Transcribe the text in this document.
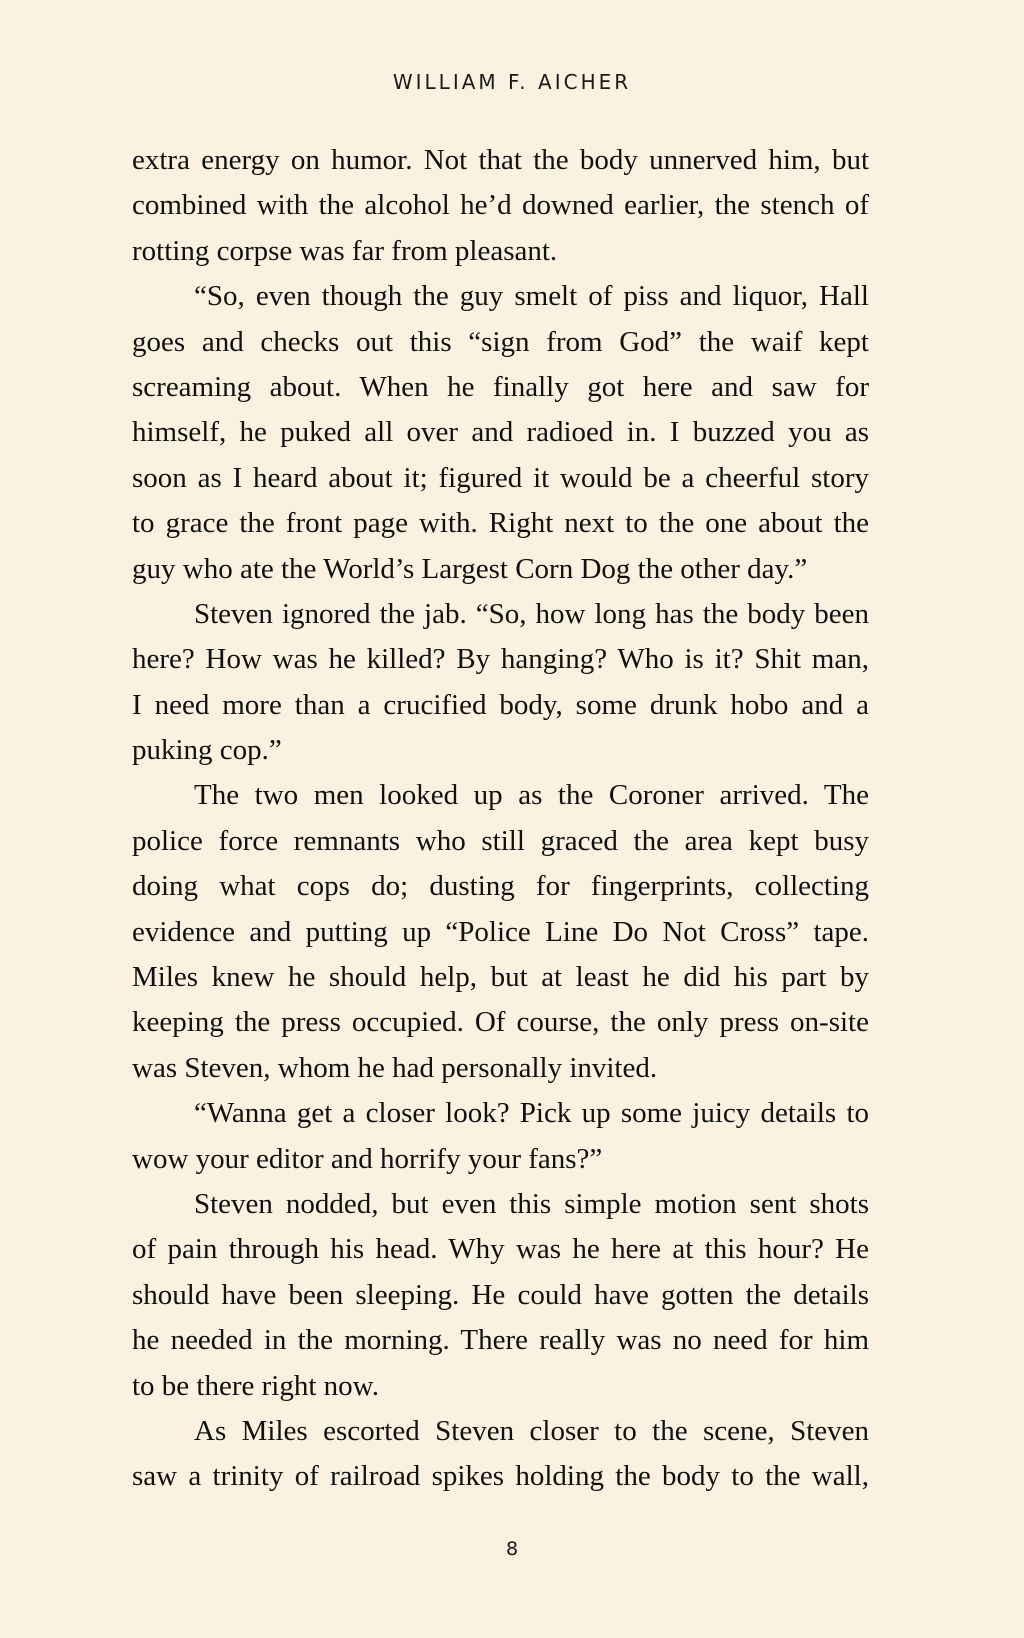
WILLIAM F. AICHER
extra energy on humor. Not that the body unnerved him, but
combined with the alcohol he’d downed earlier, the stench of
rotting corpse was far from pleasant.
“So, even though the guy smelt of piss and liquor, Hall
goes and checks out this “sign from God” the waif kept
screaming about. When he finally got here and saw for
himself, he puked all over and radioed in. I buzzed you as
soon as I heard about it; figured it would be a cheerful story
to grace the front page with. Right next to the one about the
guy who ate the World’s Largest Corn Dog the other day.”
Steven ignored the jab. “So, how long has the body been
here? How was he killed? By hanging? Who is it? Shit man,
I need more than a crucified body, some drunk hobo and a
puking cop.”
The two men looked up as the Coroner arrived. The
police force remnants who still graced the area kept busy
doing what cops do; dusting for fingerprints, collecting
evidence and putting up “Police Line Do Not Cross” tape.
Miles knew he should help, but at least he did his part by
keeping the press occupied. Of course, the only press on-site
was Steven, whom he had personally invited.
“Wanna get a closer look? Pick up some juicy details to
wow your editor and horrify your fans?”
Steven nodded, but even this simple motion sent shots
of pain through his head. Why was he here at this hour? He
should have been sleeping. He could have gotten the details
he needed in the morning. There really was no need for him
to be there right now.
As Miles escorted Steven closer to the scene, Steven
saw a trinity of railroad spikes holding the body to the wall,
8
